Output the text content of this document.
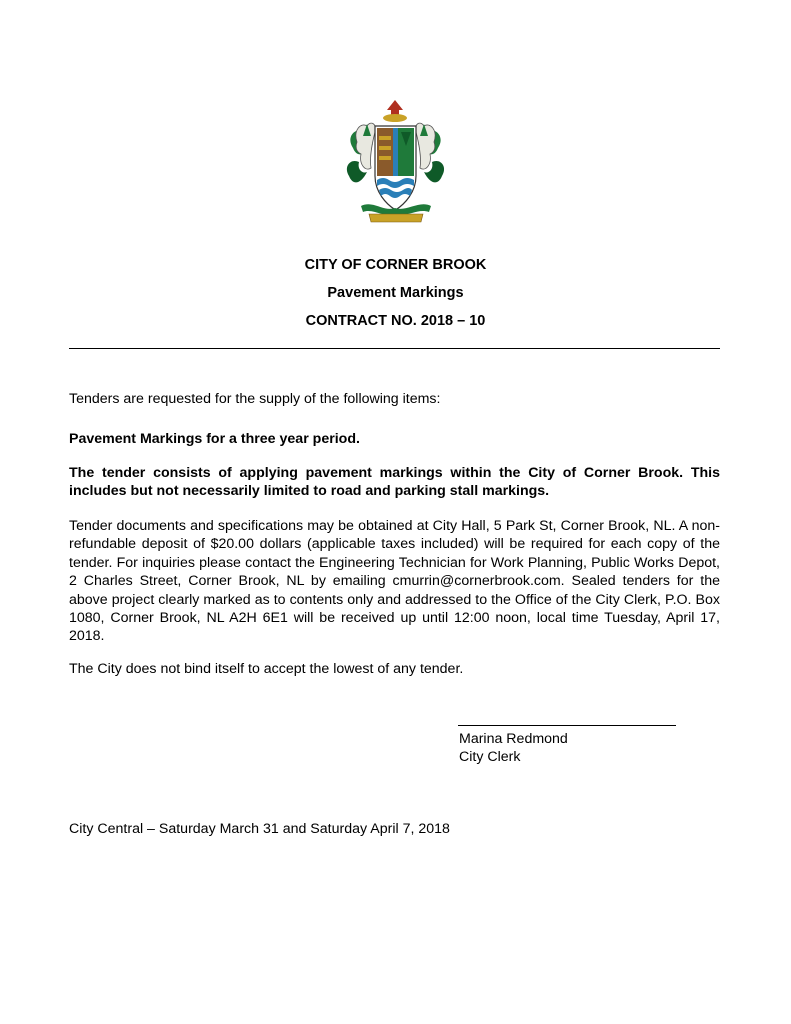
CITY OF CORNER BROOK
Pavement Markings
CONTRACT NO. 2018 – 10

Tenders are requested for the supply of the following items:

Pavement Markings for a three year period.

The tender consists of applying pavement markings within the City of Corner Brook. This includes but not necessarily limited to road and parking stall markings.

Tender documents and specifications may be obtained at City Hall, 5 Park St, Corner Brook, NL. A non-refundable deposit of $20.00 dollars (applicable taxes included) will be required for each copy of the tender. For inquiries please contact the Engineering Technician for Work Planning, Public Works Depot, 2 Charles Street, Corner Brook, NL by emailing cmurrin@cornerbrook.com. Sealed tenders for the above project clearly marked as to contents only and addressed to the Office of the City Clerk, P.O. Box 1080, Corner Brook, NL A2H 6E1 will be received up until 12:00 noon, local time Tuesday, April 17, 2018.

The City does not bind itself to accept the lowest of any tender.

Marina Redmond
City Clerk

City Central – Saturday March 31 and Saturday April 7, 2018
